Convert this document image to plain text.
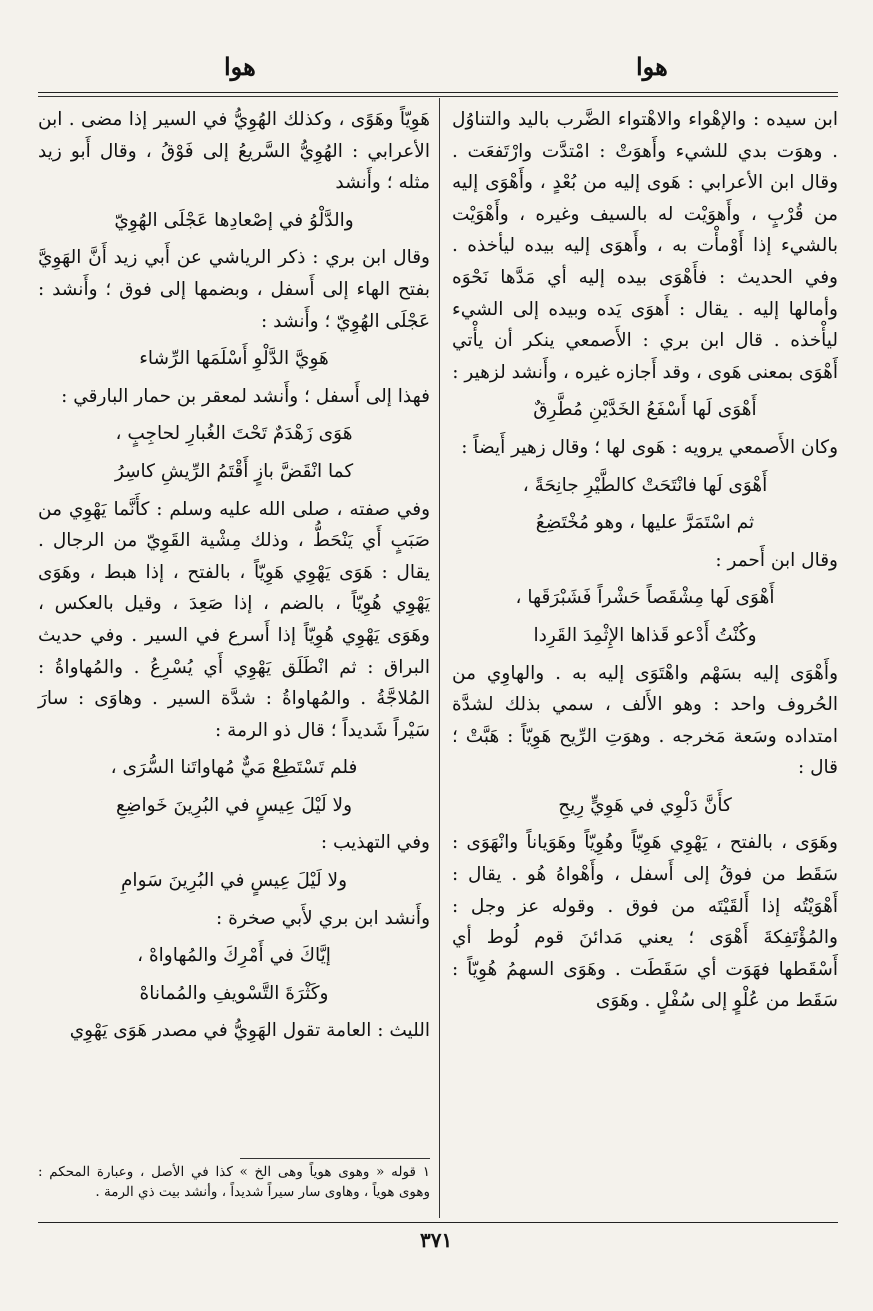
هوا
هوا

ابن سيده : والإهْواء والاهْتواء الضَّرب باليد والتناوُل . وهوَت بدي للشيء وأَهوَتْ : امْتدَّت وارْتَفعَت . وقال ابن الأعرابي : هَوى إليه من بُعْدٍ ، وأَهْوَى إليه من قُرْبٍ ، وأَهوَيْت له بالسيف وغيره ، وأَهْوَيْت بالشيء إذا أَوْمأْت به ، وأَهوَى إليه بيده ليأخذه . وفي الحديث : فأَهْوَى بيده إليه أي مَدَّها نَحْوَه وأمالها إليه . يقال : أَهوَى يَده وبيده إلى الشيء ليأْخذه . قال ابن بري : الأَصمعي ينكر أن يأْتي أَهْوَى بمعنى هَوى ، وقد أَجازه غيره ، وأَنشد لزهير :

أَهْوَى لَها أَسْفَعُ الخَدَّيْنِ مُطَّرِقٌ

وكان الأَصمعي يرويه : هَوى لها ؛ وقال زهير أَيضاً :

أَهْوَى لَها فانْتَحَتْ كالطَّيْرِ جانِحَةً ،

ثم اسْتَمَرَّ عليها ، وهو مُخْتَضِعُ

وقال ابن أَحمر :

أَهْوَى لَها مِشْقَصاً حَشْراً فَشَبْرَقَها ،

وكُنْتُ أَدْعو قَذاها الإِثْمِدَ القَرِدا

وأَهْوَى إليه بسَهْم واهْتَوَى إليه به . والهاوِي من الحُروف واحد : وهو الأَلف ، سمي بذلك لشدَّة امتداده وسَعة مَخرجه . وهوَتِ الرِّيح هَوِيّاً : هَبَّتْ ؛ قال :

كأَنَّ دَلْوِي في هَوِيٍّ رِيحِ

وهَوَى ، بالفتح ، يَهْوِي هَوِيّاً وهُوِيّاً وهَوَياناً وانْهَوَى : سَقَط من فوقُ إلى أَسفل ، وأَهْواهُ هُو . يقال : أَهْوَيْتُه إذا أَلقَيْتَه من فوق . وقوله عز وجل : والمُؤْتَفِكةَ أَهْوَى ؛ يعني مَدائنَ قوم لُوط أي أَسْقَطها فهَوَت أي سَقَطَت . وهَوَى السهمُ هُوِيّاً : سَقَط من عُلْوٍ إلى سُفْلٍ . وهَوَى

هَوِيّاً وهَوًى ، وكذلك الهُوِيُّ في السير إذا مضى . ابن الأعرابي : الهُوِيُّ السَّريعُ إلى فَوْقُ ، وقال أَبو زيد مثله ؛ وأَنشد

والدَّلْوُ في إصْعادِها عَجْلَى الهُوِيّ

وقال ابن بري : ذكر الرياشي عن أَبي زيد أَنَّ الهَوِيَّ بفتح الهاء إلى أَسفل ، وبضمها إلى فوق ؛ وأَنشد : عَجْلَى الهُوِيّ ؛ وأَنشد :

هَوِيَّ الدَّلْوِ أَسْلَمَها الرِّشاء

فهذا إلى أَسفل ؛ وأَنشد لمعقر بن حمار البارقي :

هَوَى زَهْدَمٌ تَحْتَ الغُبارِ لحاجِبٍ ،

كما انْقَضَّ بازٍ أَقْتَمُ الرِّيشِ كاسِرُ

وفي صفته ، صلى الله عليه وسلم : كأَنَّما يَهْوِي من صَبَبٍ أَي يَنْحَطُّ ، وذلك مِشْية القَوِيّ من الرجال . يقال : هَوَى يَهْوِي هَوِيّاً ، بالفتح ، إذا هبط ، وهَوَى يَهْوِي هُوِيّاً ، بالضم ، إذا صَعِدَ ، وقيل بالعكس ، وهَوَى يَهْوِي هُوِيّاً إذا أَسرع في السير . وفي حديث البراق : ثم انْطَلَق يَهْوِي أَي يُسْرِعُ . والمُهاواةُ : المُلاجَّةُ . والمُهاواةُ : شدَّة السير . وهاوَى : سارَ سَيْراً شَديداً ؛ قال ذو الرمة :

فلم تَسْتَطِعْ مَيٌّ مُهاواتَنا السُّرَى ،

ولا لَيْلَ عِيسٍ في البُرِينَ خَواضِعِ

وفي التهذيب :

ولا لَيْلَ عِيسٍ في البُرِينَ سَوامِ

وأَنشد ابن بري لأَبي صخرة :

إيَّاكَ في أَمْرِكَ والمُهاواهْ ،

وكَثْرَةَ التَّسْويفِ والمُماناهْ

الليث : العامة تقول الهَوِيُّ في مصدر هَوَى يَهْوِي

١ قوله « وهوى هوياً وهى الخ » كذا في الأصل ، وعبارة المحكم : وهوى هوياً ، وهاوى سار سيراً شديداً ، وأنشد بيت ذي الرمة .
٣٧١
